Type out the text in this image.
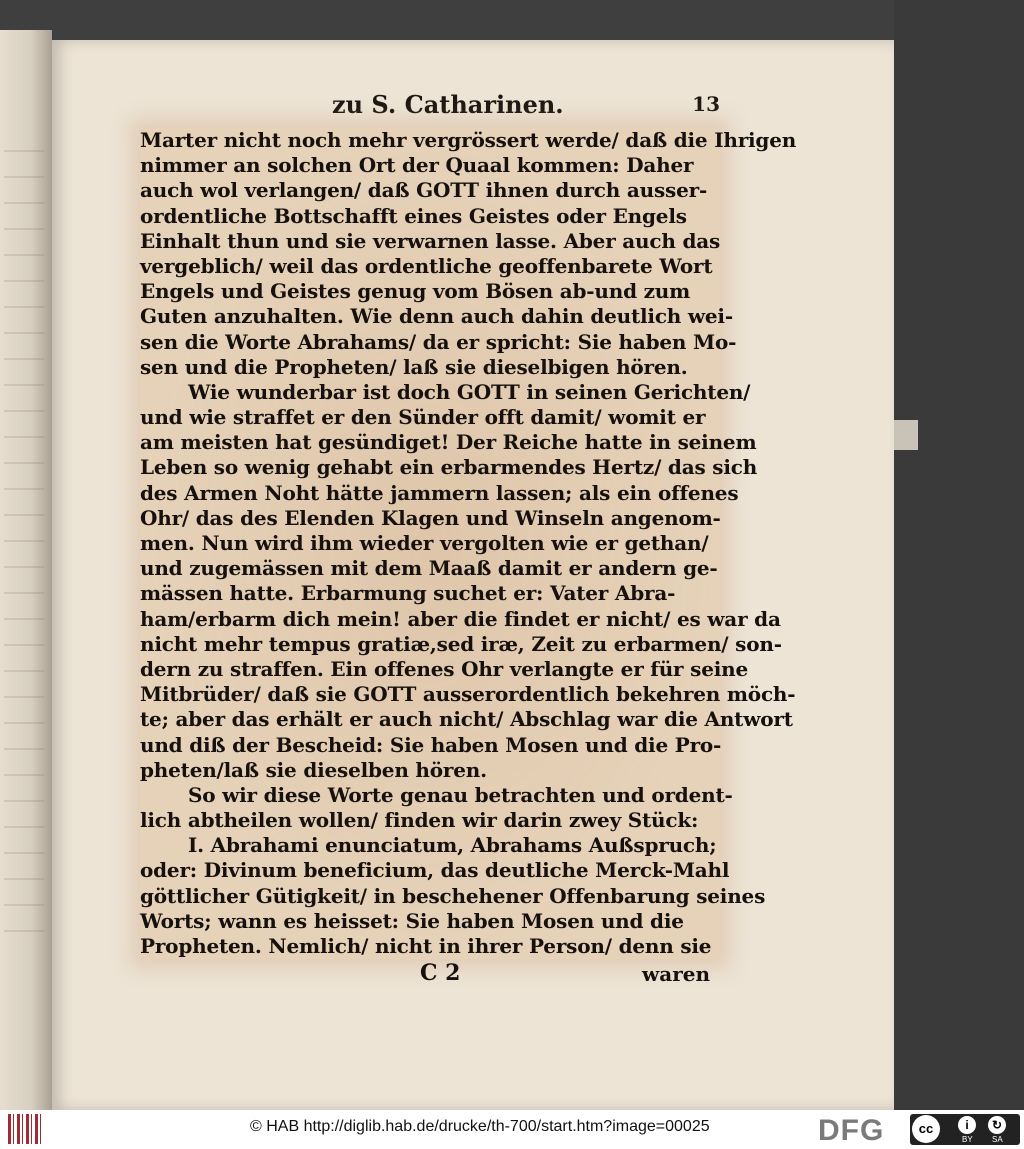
zu S. Catharinen.	13
Marter nicht noch mehr vergrössert werde/ daß die Ihrigen
nimmer an solchen Ort der Quaal kommen: Daher
auch wol verlangen/ daß GOTT ihnen durch ausser-
ordentliche Bottschafft eines Geistes oder Engels
Einhalt thun und sie verwarnen lasse. Aber auch das
vergeblich/ weil das ordentliche geoffenbarete Wort
Engels und Geistes genug vom Bösen ab-und zum
Guten anzuhalten. Wie denn auch dahin deutlich wei-
sen die Worte Abrahams/ da er spricht: Sie haben Mo-
sen und die Propheten/ laß sie dieselbigen hören.
Wie wunderbar ist doch GOTT in seinen Gerichten/
und wie straffet er den Sünder offt damit/ womit er
am meisten hat gesündiget! Der Reiche hatte in seinem
Leben so wenig gehabt ein erbarmendes Hertz/ das sich
des Armen Noht hätte jammern lassen; als ein offenes
Ohr/ das des Elenden Klagen und Winseln angenom-
men. Nun wird ihm wieder vergolten wie er gethan/
und zugemässen mit dem Maaß damit er andern ge-
mässen hatte. Erbarmung suchet er: Vater Abra-
ham/erbarm dich mein! aber die findet er nicht/ es war da
nicht mehr tempus gratiæ,sed iræ, Zeit zu erbarmen/ son-
dern zu straffen. Ein offenes Ohr verlangte er für seine
Mitbrüder/ daß sie GOTT ausserordentlich bekehren möch-
te; aber das erhält er auch nicht/ Abschlag war die Antwort
und diß der Bescheid: Sie haben Mosen und die Pro-
pheten/laß sie dieselben hören.
So wir diese Worte genau betrachten und ordent-
lich abtheilen wollen/ finden wir darin zwey Stück:
I. Abrahami enunciatum, Abrahams Außspruch;
oder: Divinum beneficium, das deutliche Merck-Mahl
göttlicher Gütigkeit/ in beschehener Offenbarung seines
Worts; wann es heisset: Sie haben Mosen und die
Propheten. Nemlich/ nicht in ihrer Person/ denn sie
C 2	waren
© HAB http://diglib.hab.de/drucke/th-700/start.htm?image=00025	DFG	cc	i	↻
BY SA
